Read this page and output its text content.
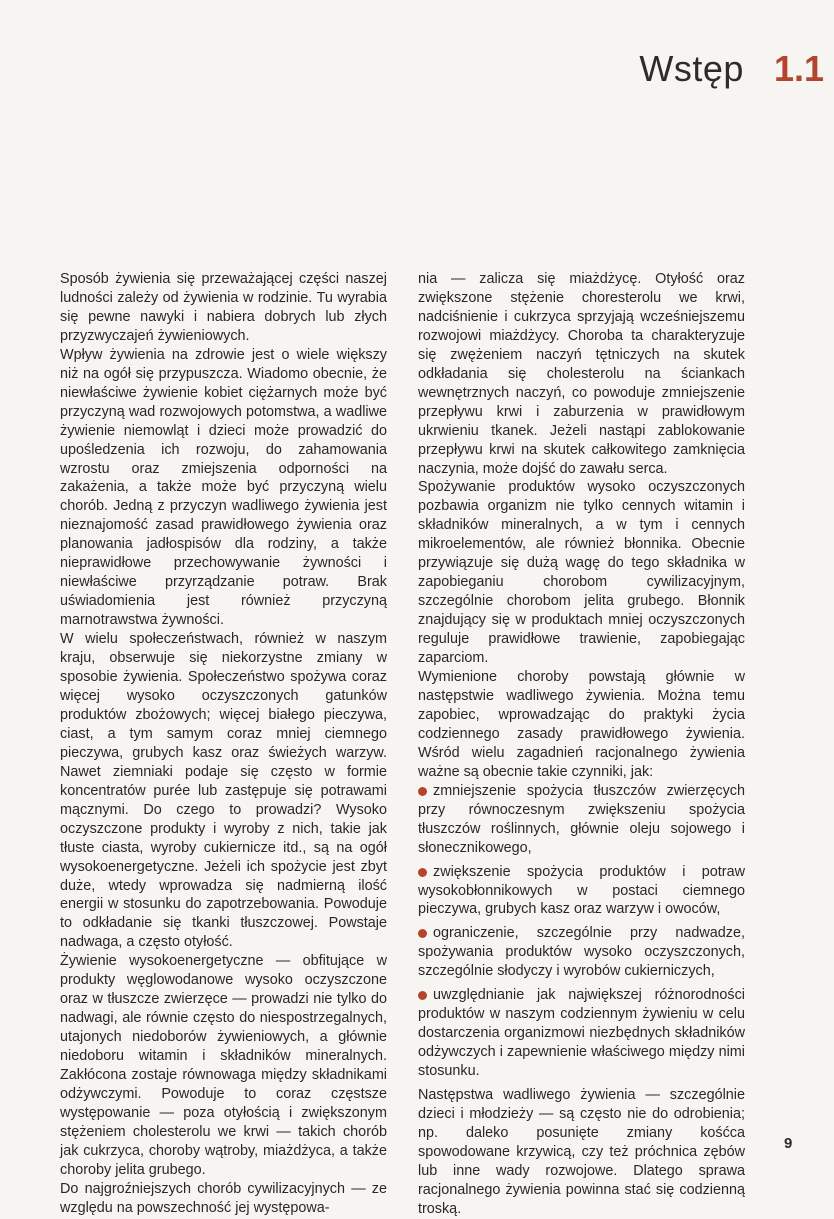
Wstęp 1.1

Sposób żywienia się przeważającej części naszej ludności zależy od żywienia w rodzinie. Tu wyrabia się pewne nawyki i nabiera dobrych lub złych przyzwyczajeń żywieniowych.

Wpływ żywienia na zdrowie jest o wiele większy niż na ogół się przypuszcza. Wiadomo obecnie, że niewłaściwe żywienie kobiet ciężarnych może być przyczyną wad rozwojowych potomstwa, a wadliwe żywienie niemowląt i dzieci może prowadzić do upośledzenia ich rozwoju, do zahamowania wzrostu oraz zmiejszenia odporności na zakażenia, a także może być przyczyną wielu chorób. Jedną z przyczyn wadliwego żywienia jest nieznajomość zasad prawidłowego żywienia oraz planowania jadłospisów dla rodziny, a także nieprawidłowe przechowywanie żywności i niewłaściwe przyrządzanie potraw. Brak uświadomienia jest również przyczyną marnotrawstwa żywności.

W wielu społeczeństwach, również w naszym kraju, obserwuje się niekorzystne zmiany w sposobie żywienia. Społeczeństwo spożywa coraz więcej wysoko oczyszczonych gatunków produktów zbożowych; więcej białego pieczywa, ciast, a tym samym coraz mniej ciemnego pieczywa, grubych kasz oraz świeżych warzyw. Nawet ziemniaki podaje się często w formie koncentratów purée lub zastępuje się potrawami mącznymi. Do czego to prowadzi? Wysoko oczyszczone produkty i wyroby z nich, takie jak tłuste ciasta, wyroby cukiernicze itd., są na ogół wysokoenergetyczne. Jeżeli ich spożycie jest zbyt duże, wtedy wprowadza się nadmierną ilość energii w stosunku do zapotrzebowania. Powoduje to odkładanie się tkanki tłuszczowej. Powstaje nadwaga, a często otyłość.

Żywienie wysokoenergetyczne — obfitujące w produkty węglowodanowe wysoko oczyszczone oraz w tłuszcze zwierzęce — prowadzi nie tylko do nadwagi, ale równie często do niespostrzegalnych, utajonych niedoborów żywieniowych, a głównie niedoboru witamin i składników mineralnych. Zakłócona zostaje równowaga między składnikami odżywczymi. Powoduje to coraz częstsze występowanie — poza otyłością i zwiększonym stężeniem cholesterolu we krwi — takich chorób jak cukrzyca, choroby wątroby, miażdżyca, a także choroby jelita grubego.

Do najgroźniejszych chorób cywilizacyjnych — ze względu na powszechność jej występowa-

nia — zalicza się miażdżycę. Otyłość oraz zwiększone stężenie choresterolu we krwi, nadciśnienie i cukrzyca sprzyjają wcześniejszemu rozwojowi miażdżycy. Choroba ta charakteryzuje się zwężeniem naczyń tętniczych na skutek odkładania się cholesterolu na ściankach wewnętrznych naczyń, co powoduje zmniejszenie przepływu krwi i zaburzenia w prawidłowym ukrwieniu tkanek. Jeżeli nastąpi zablokowanie przepływu krwi na skutek całkowitego zamknięcia naczynia, może dojść do zawału serca.

Spożywanie produktów wysoko oczyszczonych pozbawia organizm nie tylko cennych witamin i składników mineralnych, a w tym i cennych mikroelementów, ale również błonnika. Obecnie przywiązuje się dużą wagę do tego składnika w zapobieganiu chorobom cywilizacyjnym, szczególnie chorobom jelita grubego. Błonnik znajdujący się w produktach mniej oczyszczonych reguluje prawidłowe trawienie, zapobiegając zaparciom.

Wymienione choroby powstają głównie w następstwie wadliwego żywienia. Można temu zapobiec, wprowadzając do praktyki życia codziennego zasady prawidłowego żywienia. Wśród wielu zagadnień racjonalnego żywienia ważne są obecnie takie czynniki, jak:

zmniejszenie spożycia tłuszczów zwierzęcych przy równoczesnym zwiększeniu spożycia tłuszczów roślinnych, głównie oleju sojowego i słonecznikowego,
zwiększenie spożycia produktów i potraw wysokobłonnikowych w postaci ciemnego pieczywa, grubych kasz oraz warzyw i owoców,
ograniczenie, szczególnie przy nadwadze, spożywania produktów wysoko oczyszczonych, szczególnie słodyczy i wyrobów cukierniczych,
uwzględnianie jak największej różnorodności produktów w naszym codziennym żywieniu w celu dostarczenia organizmowi niezbędnych składników odżywczych i zapewnienie właściwego między nimi stosunku.

Następstwa wadliwego żywienia — szczególnie dzieci i młodzieży — są często nie do odrobienia; np. daleko posunięte zmiany kośćca spowodowane krzywicą, czy też próchnica zębów lub inne wady rozwojowe. Dlatego sprawa racjonalnego żywienia powinna stać się codzienną troską.

9
